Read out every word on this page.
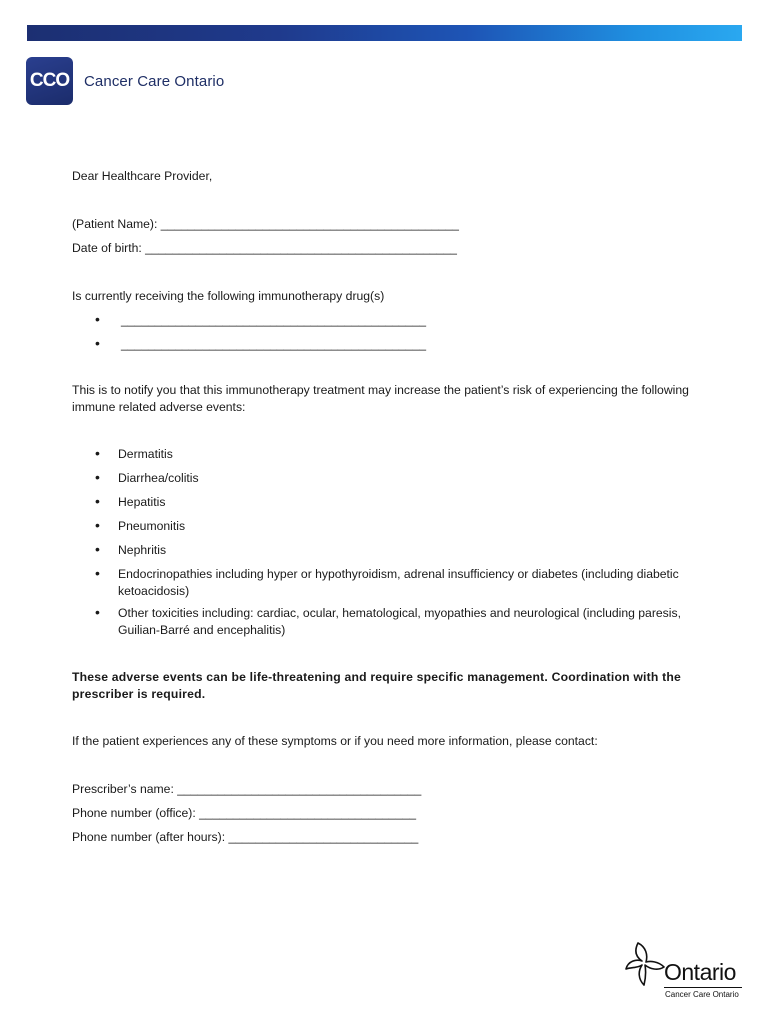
CCO Cancer Care Ontario
Dear Healthcare Provider,
(Patient Name): ____________________________________________
Date of birth: ______________________________________________
Is currently receiving the following immunotherapy drug(s)
• _____________________________________________
• _____________________________________________
This is to notify you that this immunotherapy treatment may increase the patient’s risk of experiencing the following immune related adverse events:
• Dermatitis
• Diarrhea/colitis
• Hepatitis
• Pneumonitis
• Nephritis
• Endocrinopathies including hyper or hypothyroidism, adrenal insufficiency or diabetes (including diabetic ketoacidosis)
• Other toxicities including: cardiac, ocular, hematological, myopathies and neurological (including paresis, Guilian-Barré and encephalitis)
These adverse events can be life-threatening and require specific management. Coordination with the prescriber is required.
If the patient experiences any of these symptoms or if you need more information, please contact:
Prescriber’s name: ____________________________________
Phone number (office): ________________________________
Phone number (after hours): ____________________________
Ontario
Cancer Care Ontario
